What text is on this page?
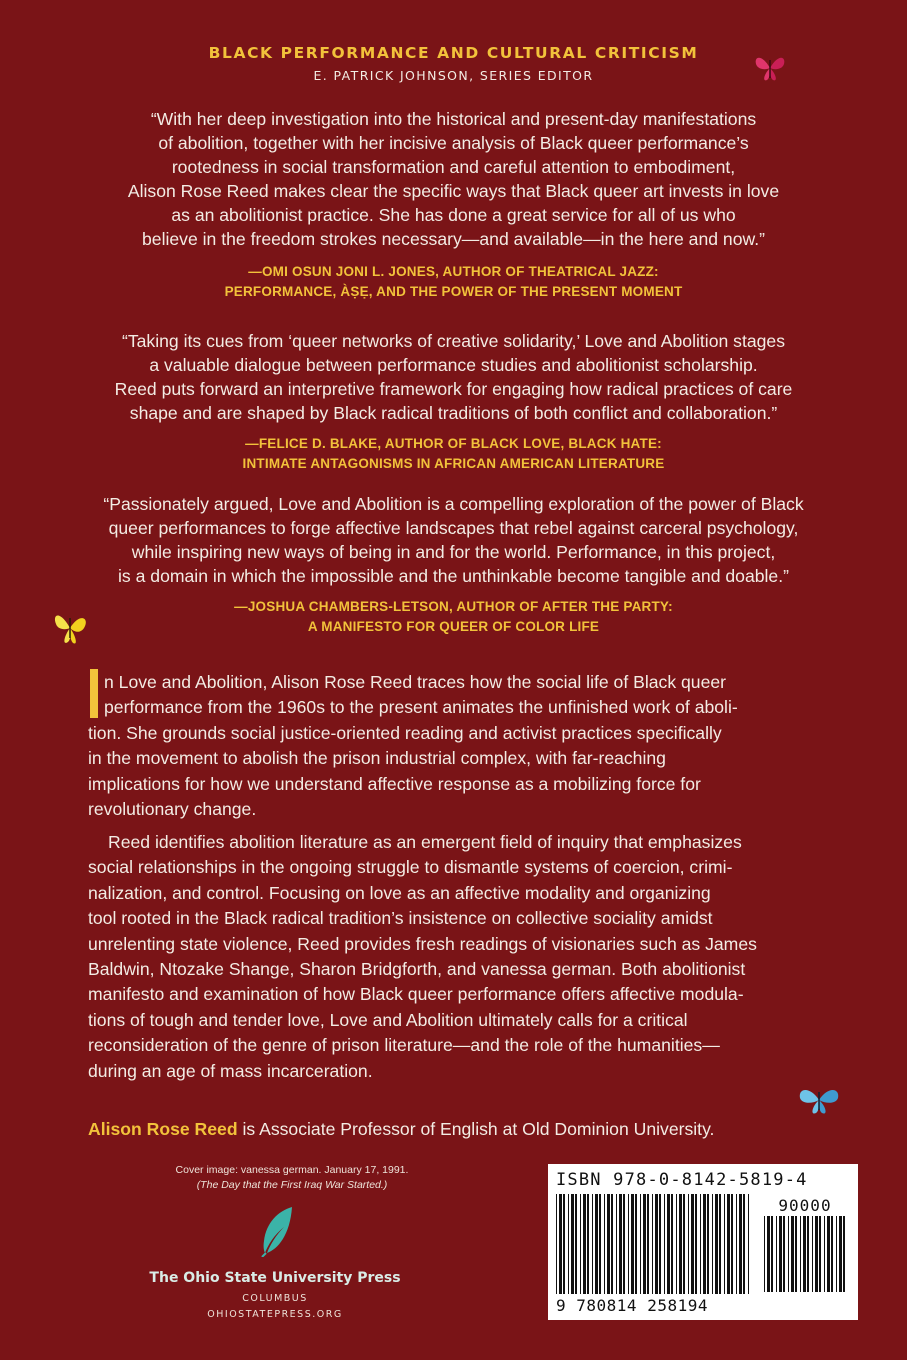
BLACK PERFORMANCE AND CULTURAL CRITICISM
E. PATRICK JOHNSON, SERIES EDITOR
“With her deep investigation into the historical and present-day manifestations
of abolition, together with her incisive analysis of Black queer performance’s
rootedness in social transformation and careful attention to embodiment,
Alison Rose Reed makes clear the specific ways that Black queer art invests in love
as an abolitionist practice. She has done a great service for all of us who
believe in the freedom strokes necessary—and available—in the here and now.”
—OMI OSUN JONI L. JONES, AUTHOR OF THEATRICAL JAZZ:
PERFORMANCE, ÀṢẸ, AND THE POWER OF THE PRESENT MOMENT
“Taking its cues from ‘queer networks of creative solidarity,’ Love and Abolition stages
a valuable dialogue between performance studies and abolitionist scholarship.
Reed puts forward an interpretive framework for engaging how radical practices of care
shape and are shaped by Black radical traditions of both conflict and collaboration.”
—FELICE D. BLAKE, AUTHOR OF BLACK LOVE, BLACK HATE:
INTIMATE ANTAGONISMS IN AFRICAN AMERICAN LITERATURE
“Passionately argued, Love and Abolition is a compelling exploration of the power of Black
queer performances to forge affective landscapes that rebel against carceral psychology,
while inspiring new ways of being in and for the world. Performance, in this project,
is a domain in which the impossible and the unthinkable become tangible and doable.”
—JOSHUA CHAMBERS-LETSON, AUTHOR OF AFTER THE PARTY:
A MANIFESTO FOR QUEER OF COLOR LIFE
n Love and Abolition, Alison Rose Reed traces how the social life of Black queer
performance from the 1960s to the present animates the unfinished work of aboli-
tion. She grounds social justice-oriented reading and activist practices specifically
in the movement to abolish the prison industrial complex, with far-reaching
implications for how we understand affective response as a mobilizing force for
revolutionary change.
Reed identifies abolition literature as an emergent field of inquiry that emphasizes
social relationships in the ongoing struggle to dismantle systems of coercion, crimi-
nalization, and control. Focusing on love as an affective modality and organizing
tool rooted in the Black radical tradition’s insistence on collective sociality amidst
unrelenting state violence, Reed provides fresh readings of visionaries such as James
Baldwin, Ntozake Shange, Sharon Bridgforth, and vanessa german. Both abolitionist
manifesto and examination of how Black queer performance offers affective modula-
tions of tough and tender love, Love and Abolition ultimately calls for a critical
reconsideration of the genre of prison literature—and the role of the humanities—
during an age of mass incarceration.
Alison Rose Reed is Associate Professor of English at Old Dominion University.
Cover image: vanessa german. January 17, 1991.
(The Day that the First Iraq War Started.)
The Ohio State University Press
COLUMBUS
OHIOSTATEPRESS.ORG
ISBN 978-0-8142-5819-4
90000
9 780814 258194
